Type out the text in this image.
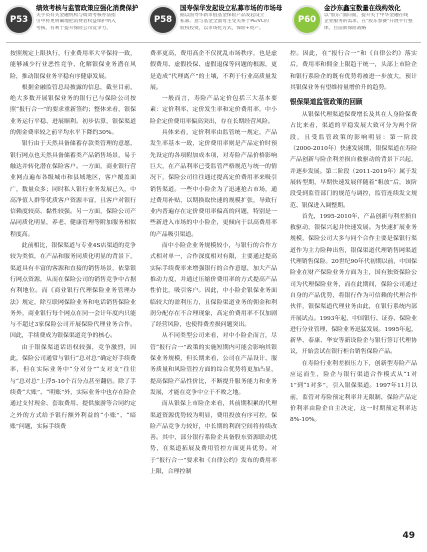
P53
绩效考核与监管政策应强化消费保护
关乎员有关金融机构与绩效考核办法指
引中将更明确地把消费者权益保护纳入
考核，有利于提升保险公司竞争力。
P58
国寿保华发起设立私募市场的市场母
据以国寿华新市值基金保险产品发起设立
私募，意与基金全面母主受关系于PE/VC的
股权投资，以市场化方式，保险+资产。
P60
金沙东鑫宝数量在线构效化
以"股东"面向面，提升关于中华金融在线
企业服务的需求，在"股东参赛"开展平行整
体，目前新保险战略

按照规定上限执行，行业费用率大平保持一致，能够减少行业恶性竞争、化解银保业务潜在风险，推动银保业务平稳有序健康发展。

根据金融监管总局披露的信息，截至目前，绝大多数开展银保业务的银行已与保险公司按照“报行合一”的要求重新签约；整体来看，银保业务运行平稳、进展顺利。初步估算，银保渠道的佣金费率较之前平均水平下降约30%。

银行由于天然具备储蓄存款类管理的意愿，银行网点也天然具备储蓄类产品销售场景，易于触达并转化潜在保险客户。一方面，商业银行营业网点遍布各级城市和县域地区，客户覆盖面广，数量众多；同时私人银行业务发展已久，中高净值人群等优质客户资源丰富，且客户对银行信赖度较高、黏性较强。另一方面，保险公司产品同质化明显，养老、健康管理等附加服务相似程度高。

此前相比，银保渠道与专业4S店渠道的竞争较为类似，在产品和服务同质化明显的背景下，渠道具有丰富的客源和直接的销售场景，依靠银行网点资源，从而在保险公司的销售竞争中占据有利地位。而《商业银行代理保险业务管理办法》规定，除互联网保险业务和电话销售保险业务外，商业银行每个网点在同一会计年度内只能与不超过3家保险公司开展保险代理业务合作。因此，手续费成为银保渠道竞争的核心。

由于银保渠道话语权较强，竞争激烈，因此，保险公司通常与银行“总对总”确定好手续费率，但在实际业务中“分对分”“支对支”往往与“总对总”上浮5-10个百分点甚至翻倍。除了手续费“大账”、“明账”外，实际业务中也存在险企通过支付现金、套取费用、提供旅游等合同约定之外的方式给予银行额外利益的“小账”、“暗账”问题，实际手续费

费率更高，费用高企不仅扰乱市场秩序，也是虚假费用、虚假投保、虚假退保等问题的根源，更是造成“代理离产”的土壤，不利于行业高质量发展。

一般而言，寿险产品定价包括三大基本要素：定价利率、定价发生率和定价费用率，中小险企定价费用率偏高突出，存在长期经营风险。

具体来看，定价利率由监管统一规定，产品发生率基本一致，定价费用率则是产品定价时预先设定的各项附加成本项，对寿险产品价格影响巨大，在产品利率已受监管严格规范与统一的情况下，保险公司往往通过提高定价费用率来吸引销售渠道。一些中小险企为了迅速抢占市场，通过费用补贴，以期换取快速的规模扩张，导致行业内普遍存在定价费用率偏高的问题，特别是一些新进入市场的中小险企，更倾向于以高费用率的产品吸引渠道。

而中小险企业务规模较小，与银行的合作方式相对单一，合作深度相对有限，主要通过提高实际手续费率来增强银行的合作意愿，加大产品推动力度，并通过压缩价费用率的方式提高产品性价比，吸引客户。因此，中小险企银保业务面临较大的盈利压力，且保险渠道业务的佣金和利润分配存在不合理现象，高定价费用率不仅加剧了经营风险，也使得费差损问题突出。

从不同类型公司来看，对中小险企而言，尽管“报行合一”政策的实施短期内可能会影响其银保业务规模，但长期来看，公司在产品设计、服务质量和风险管控方面的综合优势将更加凸显，提高保险产品性价比，不断提升服务能力和业务发展，才能在竞争中立于不败之地。

而从银保上市险企来看，其前期积累的代理渠道资源优势较为明显，费用投放有序可控，保险产品竞争力较好，中长期的利润空间将持续改善。其中，部分银行系险企具备股东资源联动优势，在渠道拓展及费用管控方面更具优势。对于“报行合一”要求和《自律公约》发布的费用率上限，合理控制

控。因此，在“报行合一”和《自律公约》落实后，费用率和佣金上限趋于统一，头部上市险企和银行系险企的既有优势将被进一步放大，预计其银保业务有望维持量增价升的趋势。

银保渠道监管政策的回顾

从银保代理渠道保费增长及其在人身险保费占比来看，渠道的平稳发展大致可分为两个阶段，且受监管政策的影响明显：第一阶段（2000-2010年）快速发展期，银保渠道在寿险产品创新与险企利差损自救驱动的背景下兴起，并逐步发展。第二阶段（2011-2019年）属于发展转型期，早期快速发展伴随着“粗放”后，该阶段受到监管部门的规范与调控，监管连续发文规范、银保进入调整期。

首先，1995-2010年，产品创新与利差损自救驱动，银保兴起并快速发展。为快速扩展业务规模，保险公司大多与同个合作主要是保银行渠道作为主力险种出售，银保渠道代理销售网渠道代理销售保险。20世纪90年代初期以前，中国保险业在财产保险业务方面为主，国有独资保险公司为代理保险业务，而在此期间，保险公司通过自身的产品优势，将银行作为可信赖的代理合作伙伴，银保渠道代理业务由此，在银行系统内部开展试点。1993年起，中国银行、证券、保险业进行分业管理，保险业务迅猛发展。1995年起，新华、泰康、华安等新设险企与银行签订代理协议，开始尝试在银行柜台销售保险产品。

在寿险行业利差损压力下，创新型寿险产品应运而生，险企与银行渠道合作模式从“1对1”到“1对多”，引入银保渠道。1997年11月以前，监管对寿险预定利率并无限制，保险产品定价利率由险企自主决定，这一时期预定利率达8%-10%。

49
